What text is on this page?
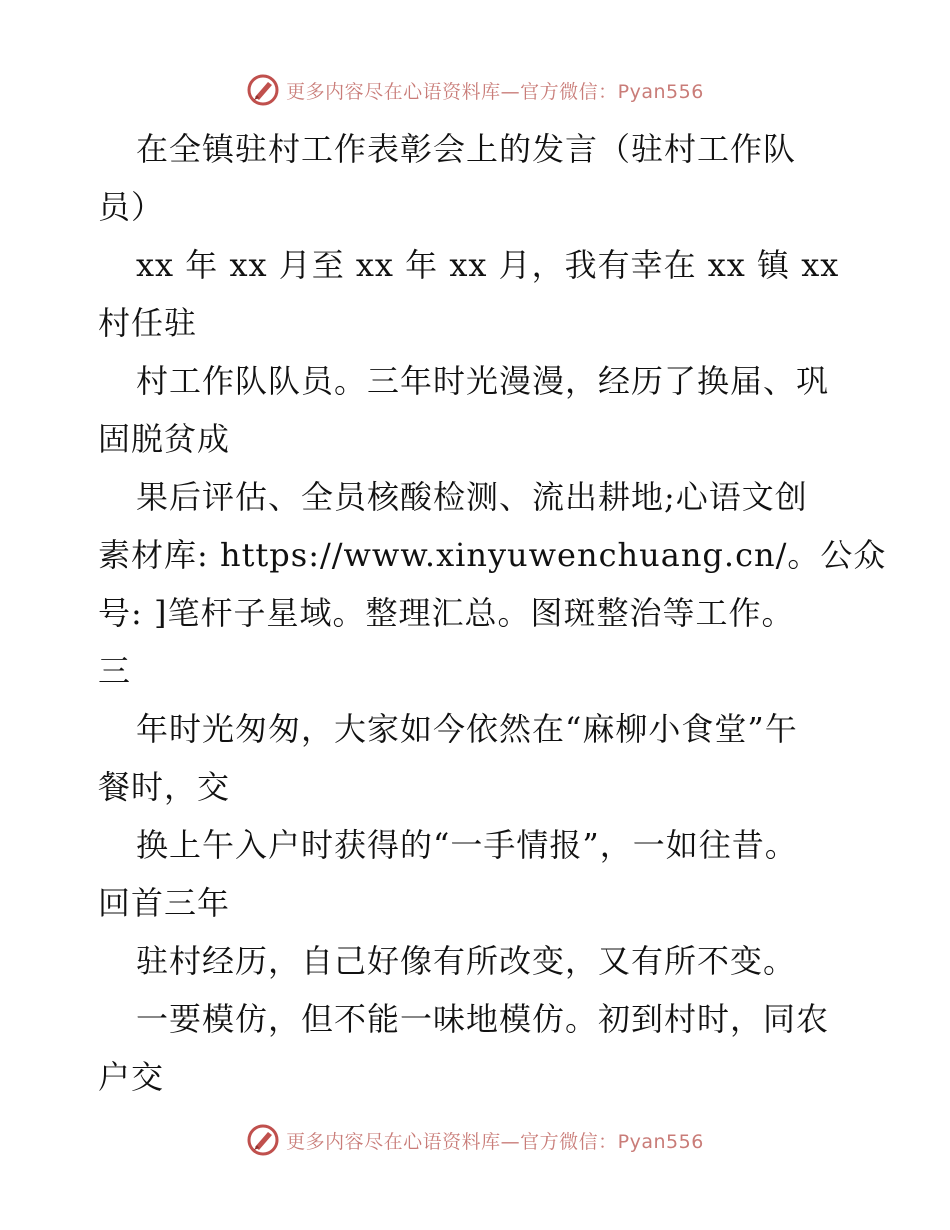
更多内容尽在心语资料库—官方微信：Pyan556
在全镇驻村工作表彰会上的发言（驻村工作队
员）
xx 年 xx 月至 xx 年 xx 月，我有幸在 xx 镇 xx
村任驻
村工作队队员。三年时光漫漫，经历了换届、巩
固脱贫成
果后评估、全员核酸检测、流出耕地;心语文创
素材库: https://www.xinyuwenchuang.cn/。公众
号: ]笔杆子星域。整理汇总。图斑整治等工作。
三
年时光匆匆，大家如今依然在“麻柳小食堂”午
餐时，交
换上午入户时获得的“一手情报”，一如往昔。
回首三年
驻村经历，自己好像有所改变，又有所不变。
一要模仿，但不能一味地模仿。初到村时，同农
户交
更多内容尽在心语资料库—官方微信：Pyan556
